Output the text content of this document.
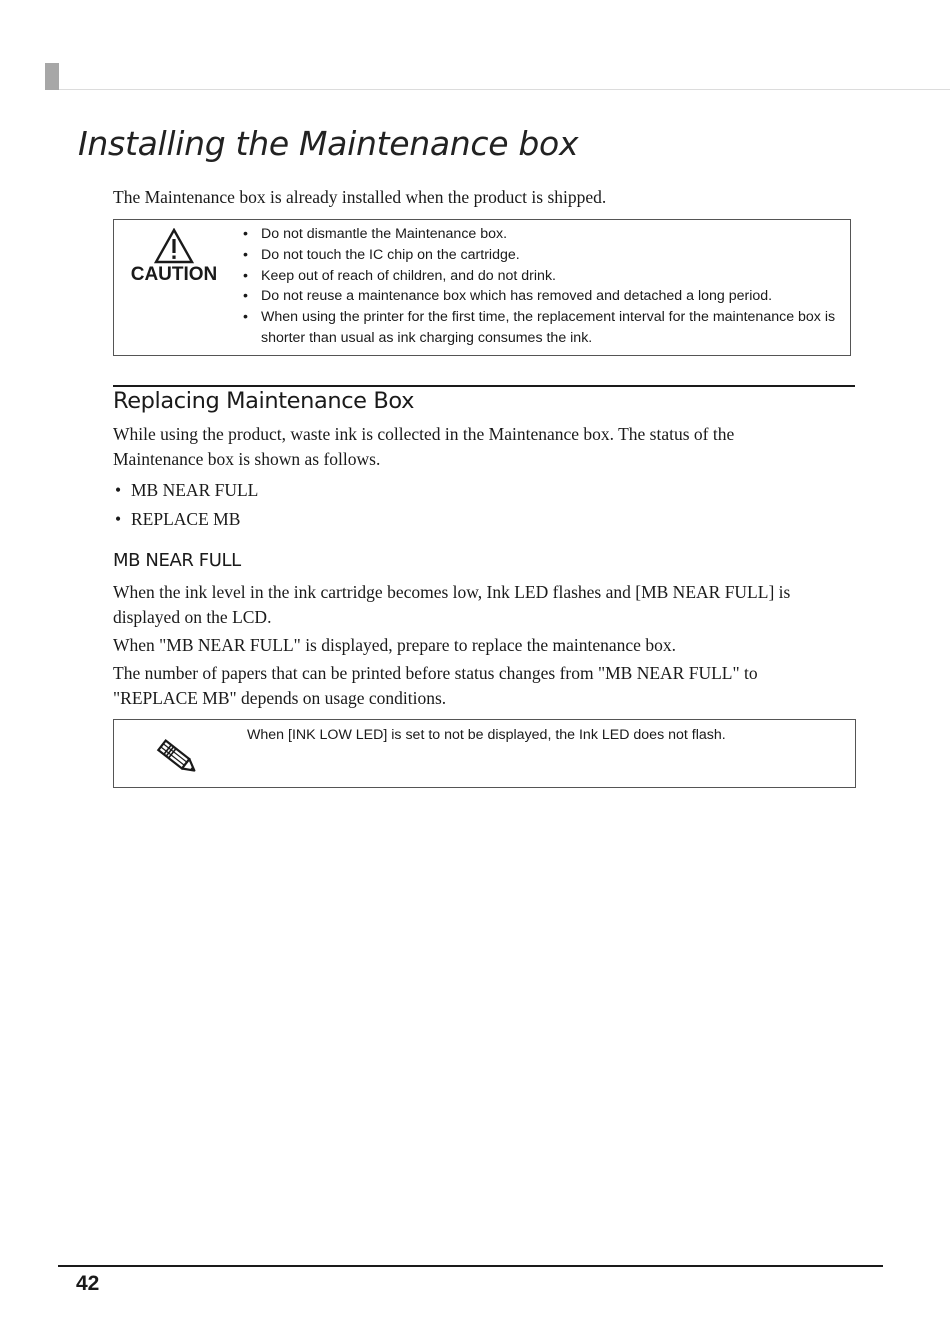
Installing the Maintenance box

The Maintenance box is already installed when the product is shipped.

CAUTION
• Do not dismantle the Maintenance box.
• Do not touch the IC chip on the cartridge.
• Keep out of reach of children, and do not drink.
• Do not reuse a maintenance box which has removed and detached a long period.
• When using the printer for the first time, the replacement interval for the maintenance box is shorter than usual as ink charging consumes the ink.
Replacing Maintenance Box

While using the product, waste ink is collected in the Maintenance box. The status of the Maintenance box is shown as follows.

• MB NEAR FULL
• REPLACE MB
MB NEAR FULL

When the ink level in the ink cartridge becomes low, Ink LED flashes and [MB NEAR FULL] is displayed on the LCD.

When "MB NEAR FULL" is displayed, prepare to replace the maintenance box.

The number of papers that can be printed before status changes from "MB NEAR FULL" to "REPLACE MB" depends on usage conditions.

When [INK LOW LED] is set to not be displayed, the Ink LED does not flash.
42
